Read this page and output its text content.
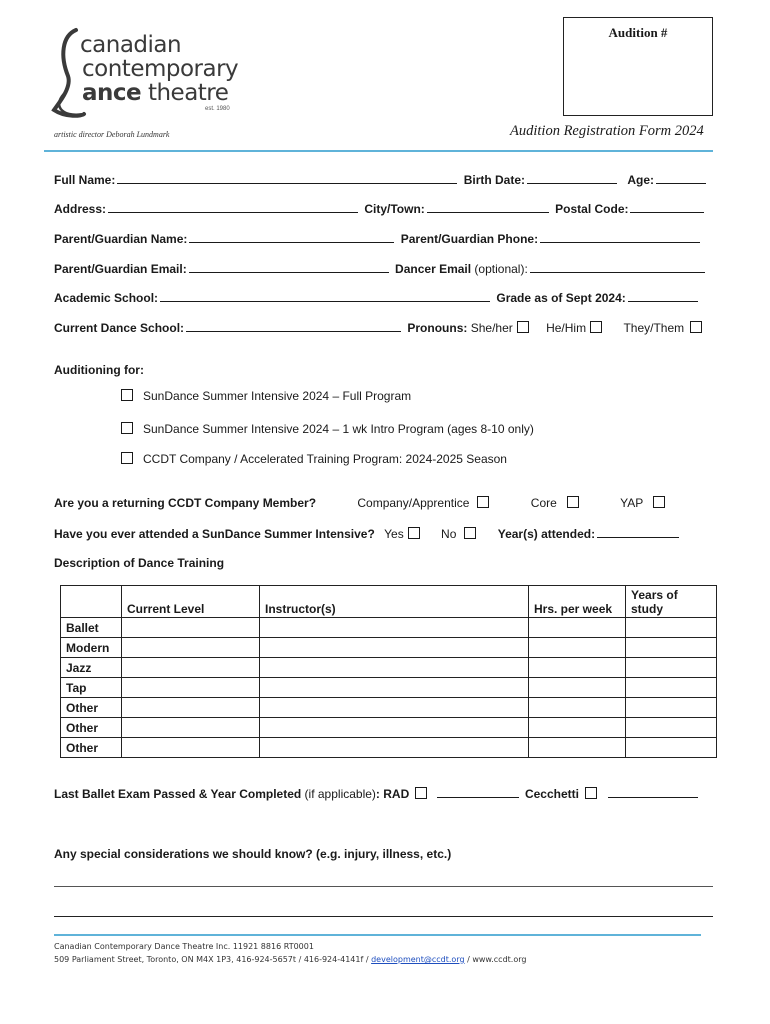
canadian
contemporary
ance theatre
est. 1980
artistic director Deborah Lundmark	Audition Registration Form 2024
Audition #
Full Name:	Birth Date:	Age:
Address:	City/Town:	Postal Code:
Parent/Guardian Name:	Parent/Guardian Phone:
Parent/Guardian Email:	Dancer Email (optional):
Academic School:	Grade as of Sept 2024:
Current Dance School:	Pronouns: She/her	He/Him	They/Them
Auditioning for:
SunDance Summer Intensive 2024 – Full Program
SunDance Summer Intensive 2024 – 1 wk Intro Program (ages 8-10 only)
CCDT Company / Accelerated Training Program: 2024-2025 Season
Are you a returning CCDT Company Member?	Company/Apprentice	Core	YAP
Have you ever attended a SunDance Summer Intensive? Yes	No	Year(s) attended:
Description of Dance Training
	Current Level	Instructor(s)	Hrs. per week	Years of study
Ballet				
Modern				
Jazz				
Tap				
Other				
Other				
Other				
Last Ballet Exam Passed & Year Completed (if applicable): RAD	Cecchetti
Any special considerations we should know? (e.g. injury, illness, etc.)
Canadian Contemporary Dance Theatre Inc. 11921 8816 RT0001
509 Parliament Street, Toronto, ON M4X 1P3, 416-924-5657t / 416-924-4141f / development@ccdt.org / www.ccdt.org
